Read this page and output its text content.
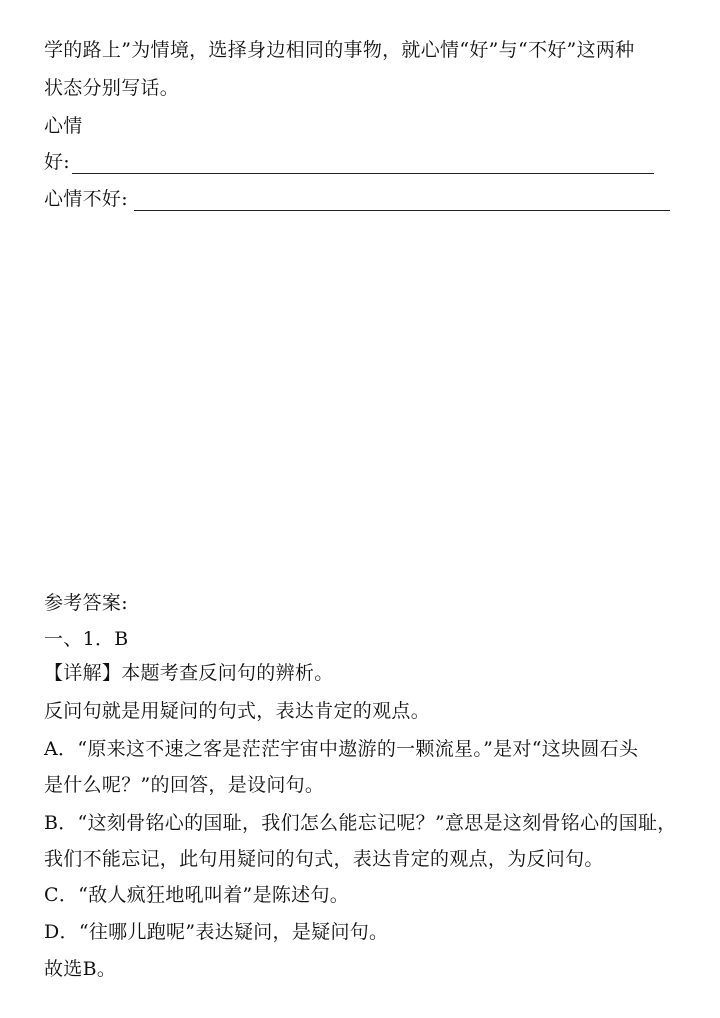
学的路上”为情境，选择身边相同的事物，就心情“好”与“不好”这两种
状态分别写话。
心情
好:
心情不好:
参考答案:
一、1．B
【详解】本题考查反问句的辨析。
反问句就是用疑问的句式，表达肯定的观点。
A．“原来这不速之客是茫茫宇宙中遨游的一颗流星。”是对“这块圆石头
是什么呢？”的回答，是设问句。
B．“这刻骨铭心的国耻，我们怎么能忘记呢？”意思是这刻骨铭心的国耻，
我们不能忘记，此句用疑问的句式，表达肯定的观点，为反问句。
C．“敌人疯狂地吼叫着”是陈述句。
D．“往哪儿跑呢”表达疑问，是疑问句。
故选B。
